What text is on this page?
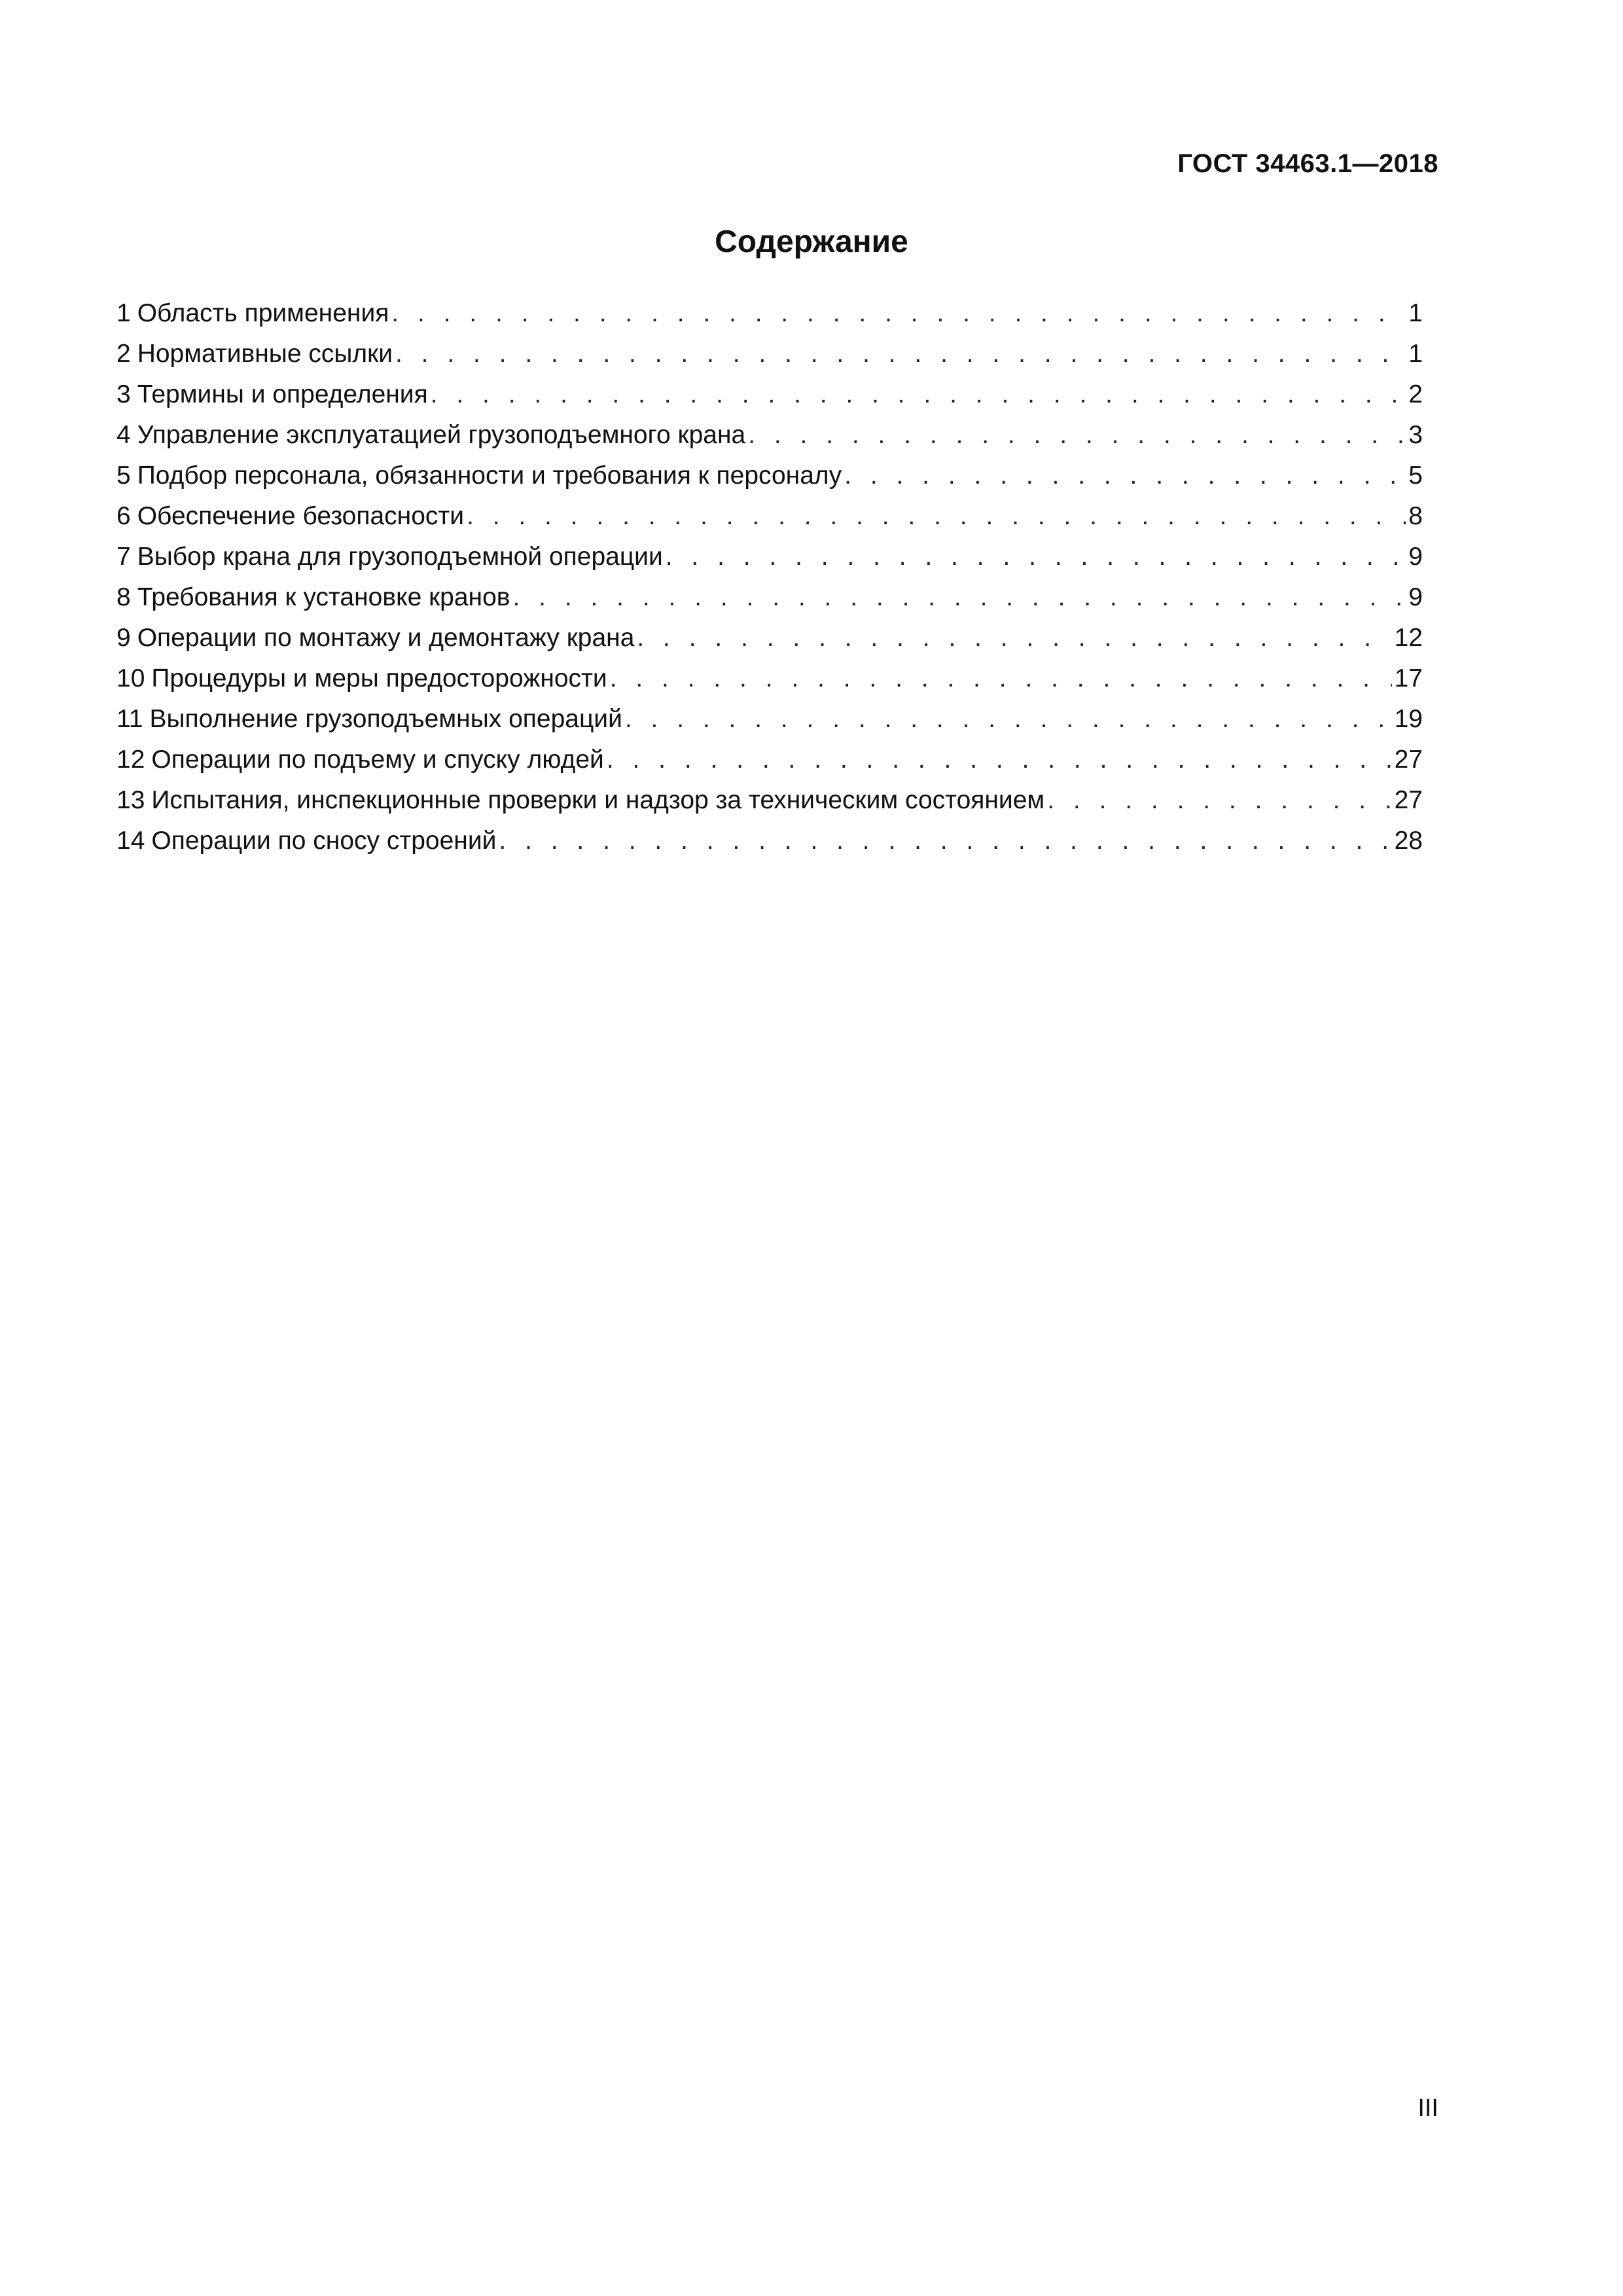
ГОСТ 34463.1—2018
Содержание
1 Область применения . . .	1
2 Нормативные ссылки . . .	1
3 Термины и определения . . .	2
4 Управление эксплуатацией грузоподъемного крана . . .	3
5 Подбор персонала, обязанности и требования к персоналу . . .	5
6 Обеспечение безопасности . . .	8
7 Выбор крана для грузоподъемной операции . . .	9
8 Требования к установке кранов . . .	9
9 Операции по монтажу и демонтажу крана . . .	12
10 Процедуры и меры предосторожности . . .	17
11 Выполнение грузоподъемных операций . . .	19
12 Операции по подъему и спуску людей . . .	27
13 Испытания, инспекционные проверки и надзор за техническим состоянием . . .	27
14 Операции по сносу строений . . .	28
III
